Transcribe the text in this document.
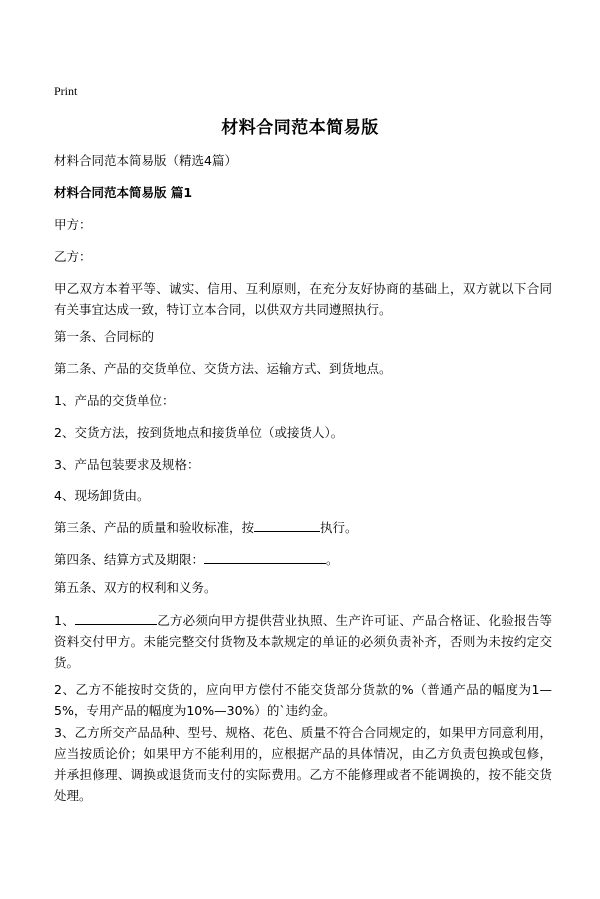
Print
材料合同范本简易版
材料合同范本简易版（精选4篇）
材料合同范本简易版 篇1
甲方：
乙方：
甲乙双方本着平等、诚实、信用、互利原则，在充分友好协商的基础上，双方就以下合同有关事宜达成一致，特订立本合同，以供双方共同遵照执行。
第一条、合同标的
第二条、产品的交货单位、交货方法、运输方式、到货地点。
1、产品的交货单位：
2、交货方法，按到货地点和接货单位（或接货人）。
3、产品包装要求及规格：
4、现场卸货由。
第三条、产品的质量和验收标准，按	执行。
第四条、结算方式及期限：	。
第五条、双方的权利和义务。
1、	乙方必须向甲方提供营业执照、生产许可证、产品合格证、化验报告等资料交付甲方。未能完整交付货物及本款规定的单证的必须负责补齐，否则为未按约定交货。
2、乙方不能按时交货的，应向甲方偿付不能交货部分货款的%（普通产品的幅度为1—5%，专用产品的幅度为10%—30%）的`违约金。
3、乙方所交产品品种、型号、规格、花色、质量不符合合同规定的，如果甲方同意利用，应当按质论价；如果甲方不能利用的，应根据产品的具体情况，由乙方负责包换或包修，并承担修理、调换或退货而支付的实际费用。乙方不能修理或者不能调换的，按不能交货处理。
